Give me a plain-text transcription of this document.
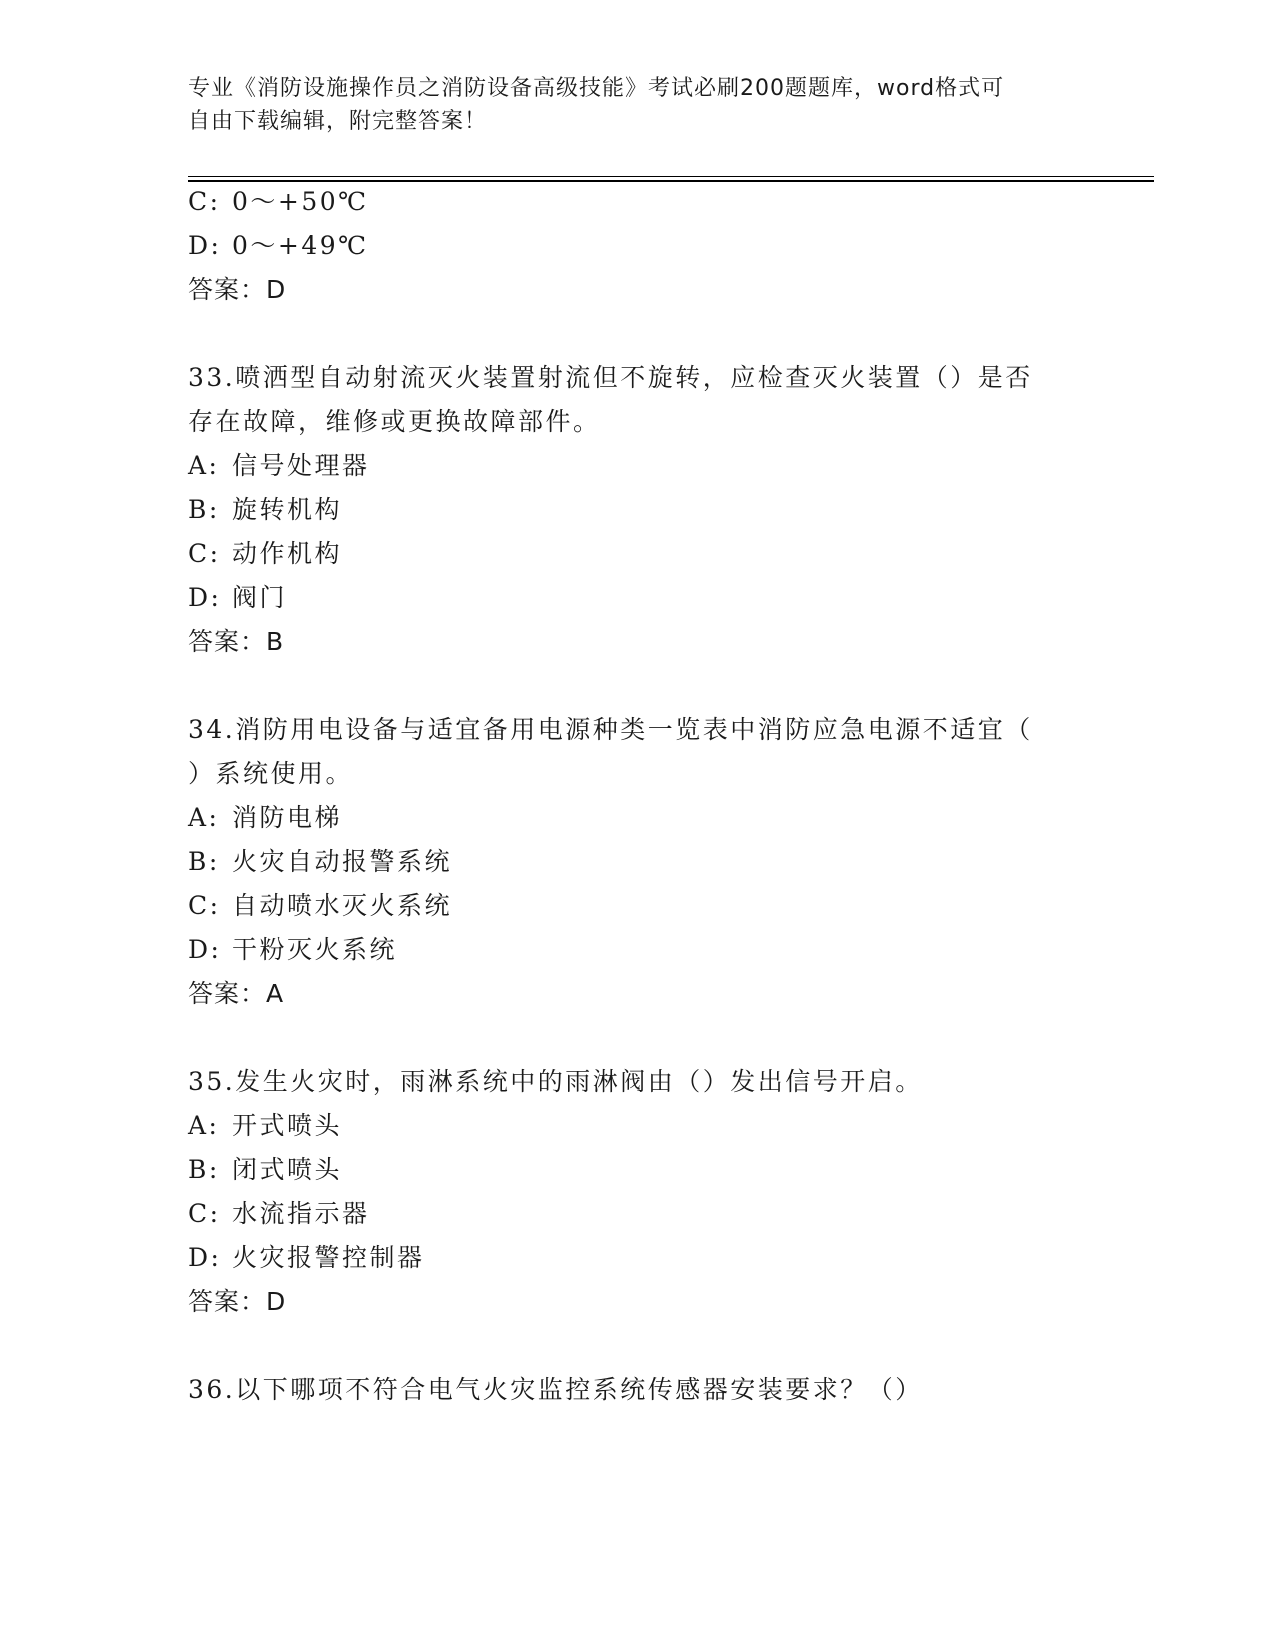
专业《消防设施操作员之消防设备高级技能》考试必刷200题题库，word格式可
自由下载编辑，附完整答案！
C: 0～+50℃
D: 0～+49℃
答案：D
33.喷洒型自动射流灭火装置射流但不旋转，应检查灭火装置（）是否
存在故障，维修或更换故障部件。
A: 信号处理器
B: 旋转机构
C: 动作机构
D: 阀门
答案：B
34.消防用电设备与适宜备用电源种类一览表中消防应急电源不适宜（
）系统使用。
A: 消防电梯
B: 火灾自动报警系统
C: 自动喷水灭火系统
D: 干粉灭火系统
答案：A
35.发生火灾时，雨淋系统中的雨淋阀由（）发出信号开启。
A: 开式喷头
B: 闭式喷头
C: 水流指示器
D: 火灾报警控制器
答案：D
36.以下哪项不符合电气火灾监控系统传感器安装要求？（）
